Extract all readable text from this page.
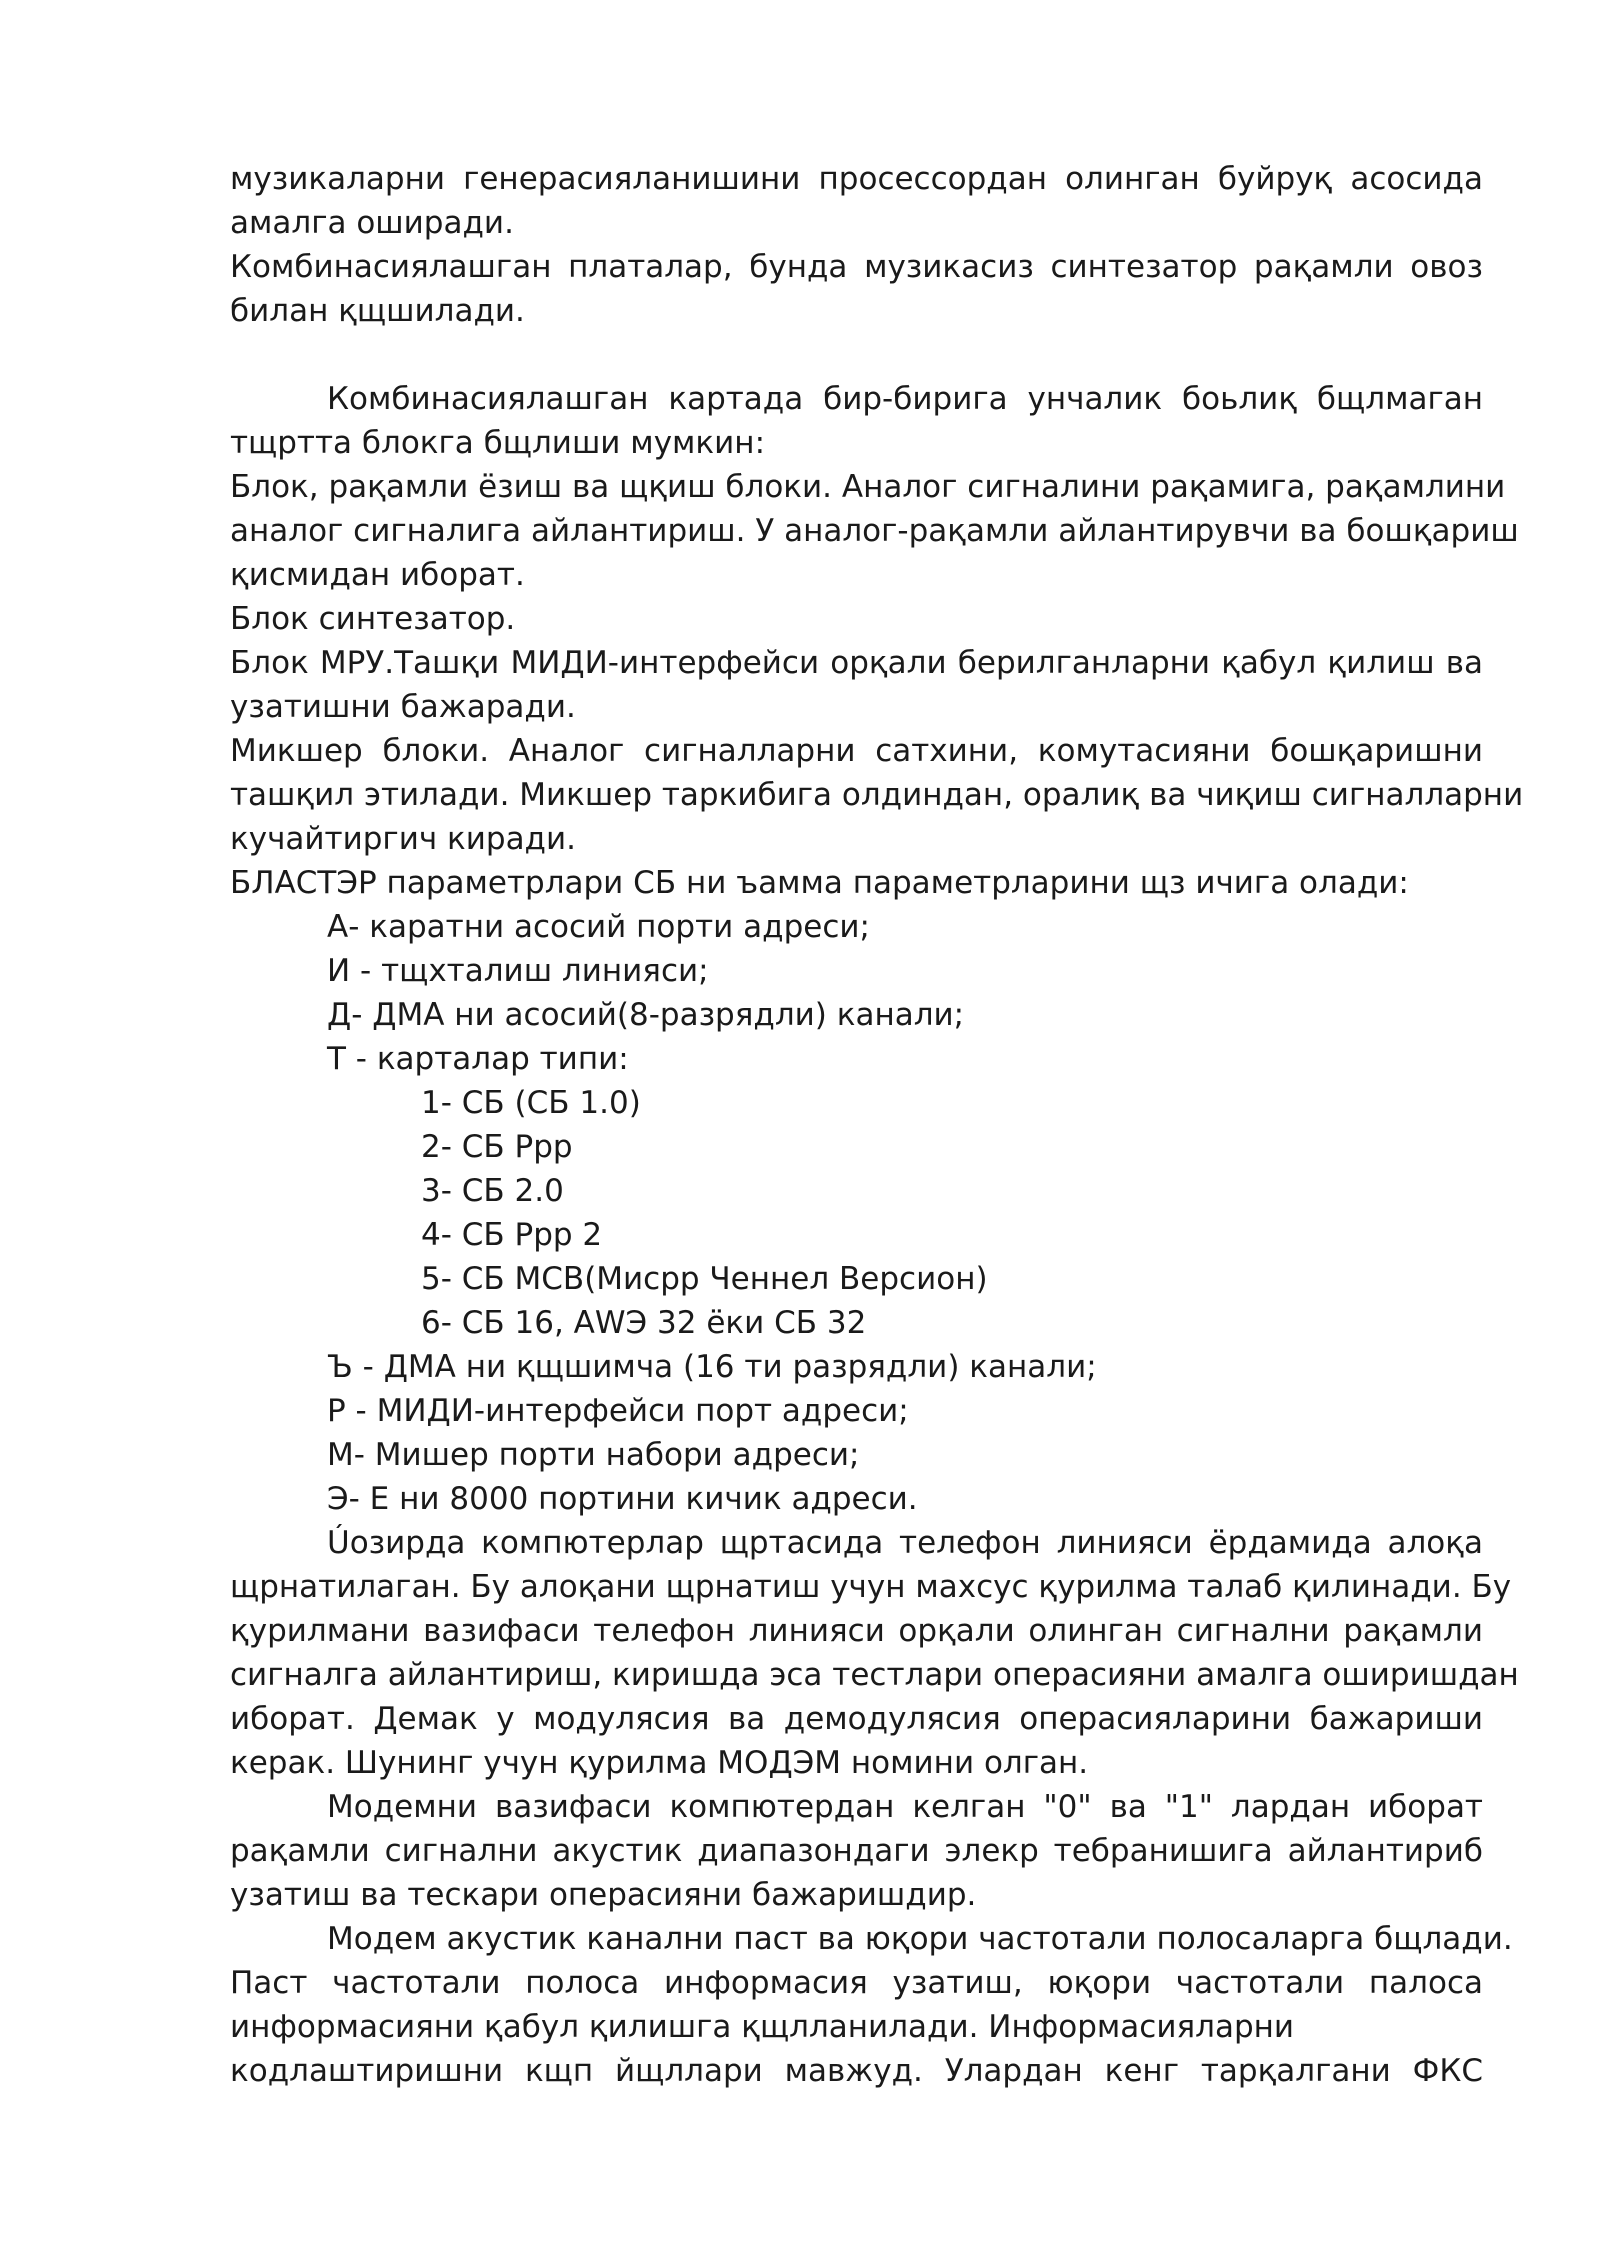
музикаларни генерасияланишини просессордан олинган буйруқ асосида
амалга оширади.
Комбинасиялашган платалар, бунда музикасиз синтезатор рақамли овоз
билан қщшилади.
Комбинасиялашган картада бир-бирига унчалик боьлиқ бщлмаган
тщртта блокга бщлиши мумкин:
Блок, рақамли ёзиш ва щқиш блоки. Аналог сигналини рақамига, рақамлини
аналог сигналига айлантириш. У аналог-рақамли айлантирувчи ва бошқариш
қисмидан иборат.
Блок синтезатор.
Блок МРУ.Ташқи МИДИ-интерфейси орқали берилганларни қабул қилиш ва
узатишни бажаради.
Микшер блоки. Аналог сигналларни сатхини, комутасияни бошқаришни
ташқил этилади. Микшер таркибига олдиндан, оралиқ ва чиқиш сигналларни
кучайтиргич киради.
БЛАСТЭР параметрлари СБ ни ъамма параметрларини щз ичига олади:
А- каратни асосий порти адреси;
И - тщхталиш линияси;
Д- ДМА ни асосий(8-разрядли) канали;
Т - карталар типи:
1- СБ (СБ 1.0)
2- СБ Ррр
3- СБ 2.0
4- СБ Ррр 2
5- СБ МСВ(Мисрр Ченнел Версион)
6- СБ 16, АWЭ 32 ёки СБ 32
Ъ - ДМА ни қщшимча (16 ти разрядли) канали;
Р - МИДИ-интерфейси порт адреси;
М- Мишер порти набори адреси;
Э- Е ни 8000 портини кичик адреси.
Úозирда компютерлар щртасида телефон линияси ёрдамида алоқа
щрнатилаган. Бу алоқани щрнатиш учун махсус қурилма талаб қилинади. Бу
қурилмани вазифаси телефон линияси орқали олинган сигнални рақамли
сигналга айлантириш, киришда эса тестлари операсияни амалга оширишдан
иборат. Демак у модулясия ва демодулясия операсияларини бажариши
керак. Шунинг учун қурилма МОДЭМ номини олган.
Модемни вазифаси компютердан келган "0" ва "1" лардан иборат
рақамли сигнални акустик диапазондаги элекр тебранишига айлантириб
узатиш ва тескари операсияни бажаришдир.
Модем акустик канални паст ва юқори частотали полосаларга бщлади.
Паст частотали полоса информасия узатиш, юқори частотали палоса
информасияни қабул қилишга қщлланилади. Информасияларни
кодлаштиришни кщп йщллари мавжуд. Улардан кенг тарқалгани ФКС
